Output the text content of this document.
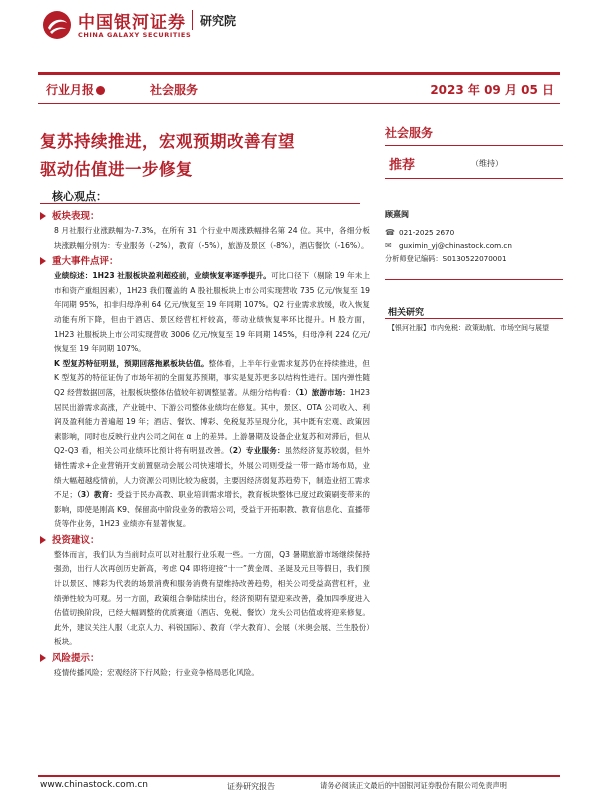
中国银河证券
CHINA GALAXY SECURITIES
研究院
行业月报	社会服务	2023 年 09 月 05 日
复苏持续推进，宏观预期改善有望
驱动估值进一步修复
核心观点：
板块表现：
8 月社服行业涨跌幅为-7.3%，在所有 31 个行业中周涨跌幅排名第 24 位。其中，各细分板块涨跌幅分别为：专业服务（-2%），教育（-5%），旅游及景区（-8%），酒店餐饮（-16%）。
重大事件点评：
业绩综述：1H23 社服板块盈利超疫前，业绩恢复率逐季提升。可比口径下（剔除 19 年未上市和资产重组因素），1H23 我们覆盖的 A 股社服板块上市公司实现营收 735 亿元/恢复至 19 年同期 95%，扣非归母净利 64 亿元/恢复至 19 年同期 107%。Q2 行业需求放缓，收入恢复动能有所下降，但由于酒店、景区经营杠杆较高，带动业绩恢复率环比提升。H 股方面，1H23 社服板块上市公司实现营收 3006 亿元/恢复至 19 年同期 145%，归母净利 224 亿元/恢复至 19 年同期 107%。
K 型复苏特征明显，预期回落拖累板块估值。整体看，上半年行业需求复苏仍在持续推进，但 K 型复苏的特征证伪了市场年初的全面复苏预期，事实是复苏更多以结构性进行。国内弹性随 Q2 经营数据回落，社服板块整体估值较年初调整显著。从细分结构看：（1）旅游市场：1H23 居民出游需求高涨，产业链中、下游公司整体业绩均在修复。其中，景区、OTA 公司收入、利润及盈利能力普遍超 19 年；酒店、餐饮、博彩、免税复苏呈现分化，其中既有宏观、政策因素影响，同时也反映行业内公司之间在 α 上的差异。上游暑期及设备企业复苏和对滞后，但从 Q2-Q3 看，相关公司业绩环比预计将有明显改善。（2）专业服务：虽然经济复苏较弱，但外储性需求+企业营销开支前置驱动会展公司快速增长，外展公司则受益一带一路市场布局，业绩大幅超越疫情前，人力资源公司则比较为疲弱，主要因经济弱复苏趋势下，制造业招工需求不足；（3）教育：受益于民办高教、职业培训需求增长，教育板块整体已度过政策刷变带来的影响，即使是刚高 K9、保留高中阶段业务的教培公司，受益于开拓职教、教育信息化、直播带货等作业务，1H23 业绩亦有显著恢复。
投资建议：
整体而言，我们认为当前时点可以对社服行业乐观一些。一方面，Q3 暑期旅游市场继续保持强劲，出行人次再创历史新高，考虑 Q4 即将迎接“十一”黄金周、圣诞及元旦等假日，我们预计以景区、博彩为代表的场景消费和服务消费有望维持改善趋势，相关公司受益高营杠杆，业绩弹性较为可观。另一方面，政策组合拳陆续出台，经济预期有望迎来改善，叠加四季度进入估值切换阶段，已经大幅调整的优质赛道（酒店、免税、餐饮）龙头公司估值或将迎来修复。此外，建议关注人服（北京人力、科锐国际）、教育（学大教育）、会展（米奥会展、兰生股份）板块。
风险提示：
疫情传播风险；宏观经济下行风险；行业竞争格局恶化风险。
社会服务
推荐	（维持）
顾熹闽
☎ 021-2025 2670
✉ guximin_yj@chinastock.com.cn
分析师登记编码：S0130522070001
相关研究
【银河社服】市内免税：政策助航、市场空间与展望
www.chinastock.com.cn	证券研究报告	请务必阅读正文最后的中国银河证券股份有限公司免责声明
